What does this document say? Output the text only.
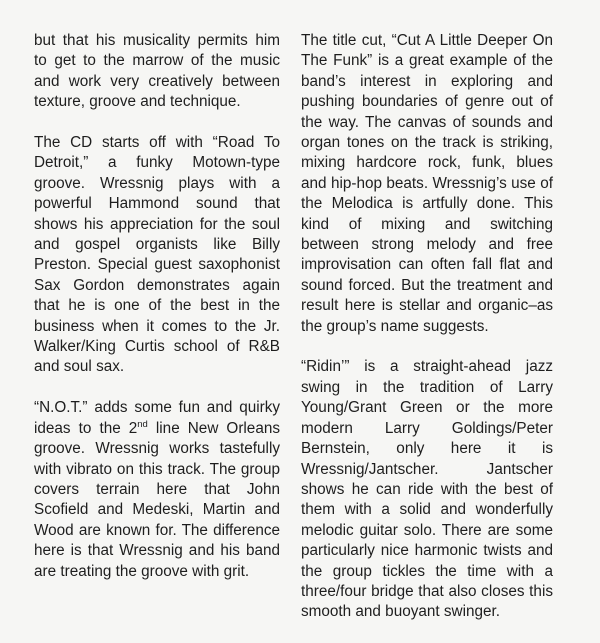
but that his musicality permits him to get to the marrow of the music and work very creatively between texture, groove and technique.

The CD starts off with “Road To Detroit,” a funky Motown-type groove. Wressnig plays with a powerful Hammond sound that shows his appreciation for the soul and gospel organists like Billy Preston. Special guest saxophonist Sax Gordon demonstrates again that he is one of the best in the business when it comes to the Jr. Walker/King Curtis school of R&B and soul sax.

“N.O.T.” adds some fun and quirky ideas to the 2nd line New Orleans groove. Wressnig works tastefully with vibrato on this track. The group covers terrain here that John Scofield and Medeski, Martin and Wood are known for. The difference here is that Wressnig and his band are treating the groove with grit.

The title cut, “Cut A Little Deeper On The Funk” is a great example of the band’s interest in exploring and pushing boundaries of genre out of the way. The canvas of sounds and organ tones on the track is striking, mixing hardcore rock, funk, blues and hip-hop beats. Wressnig’s use of the Melodica is artfully done. This kind of mixing and switching between strong melody and free improvisation can often fall flat and sound forced. But the treatment and result here is stellar and organic–as the group’s name suggests.

“Ridin’” is a straight-ahead jazz swing in the tradition of Larry Young/Grant Green or the more modern Larry Goldings/Peter Bernstein, only here it is Wressnig/Jantscher. Jantscher shows he can ride with the best of them with a solid and wonderfully melodic guitar solo. There are some particularly nice harmonic twists and the group tickles the time with a three/four bridge that also closes this smooth and buoyant swinger.
